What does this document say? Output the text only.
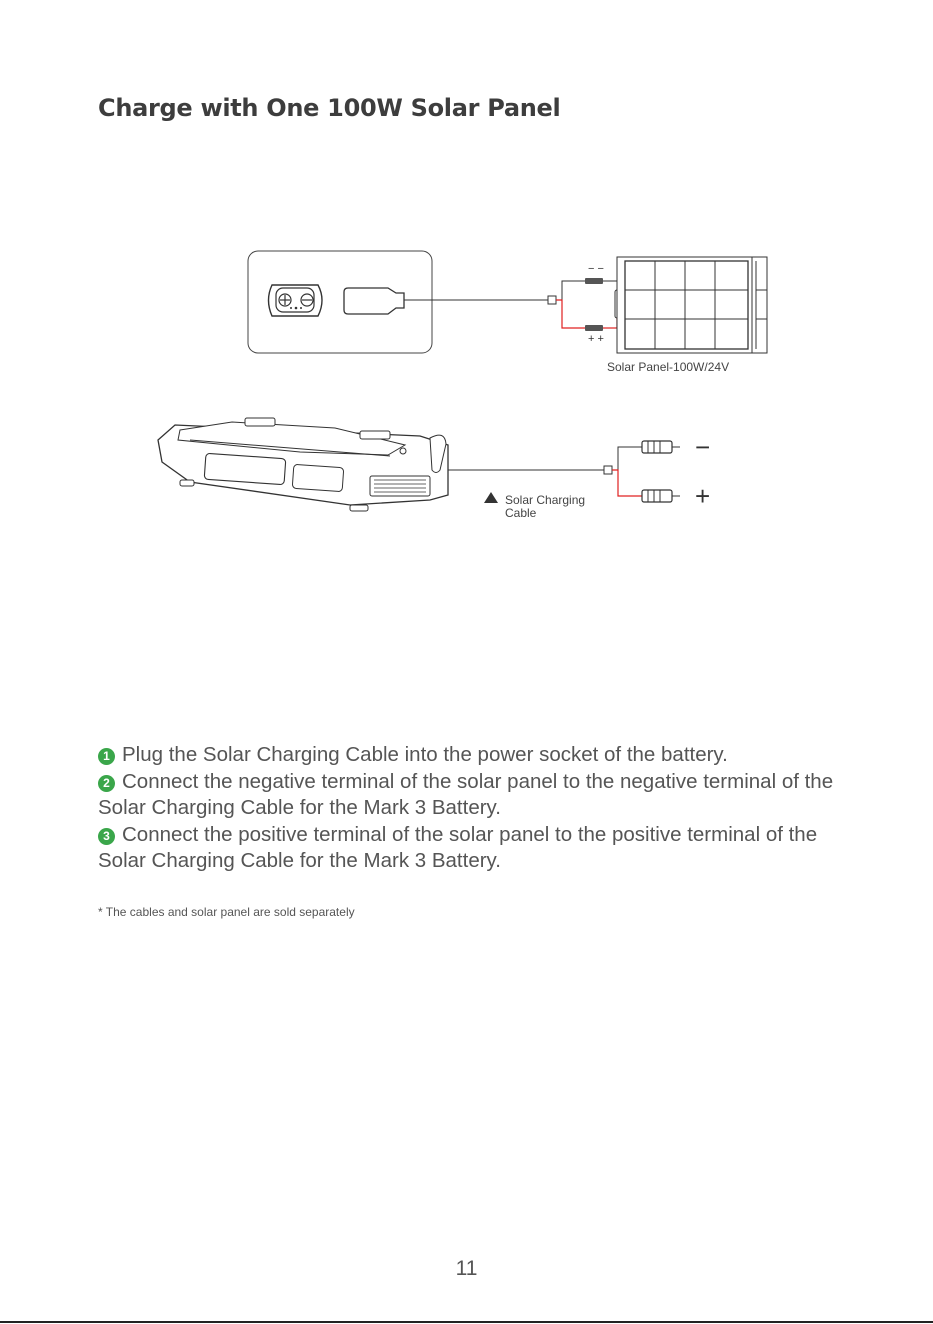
Charge with One 100W Solar Panel
− −
+ +
Solar Panel-100W/24V
−
+
Solar Charging
Cable

1 Plug the Solar Charging Cable into the power socket of the battery.

2 Connect the negative terminal of the solar panel to the negative terminal of the Solar Charging Cable for the Mark 3 Battery.

3 Connect the positive terminal of the solar panel to the positive terminal of the Solar Charging Cable for the Mark 3 Battery.

* The cables and solar panel are sold separately
11
